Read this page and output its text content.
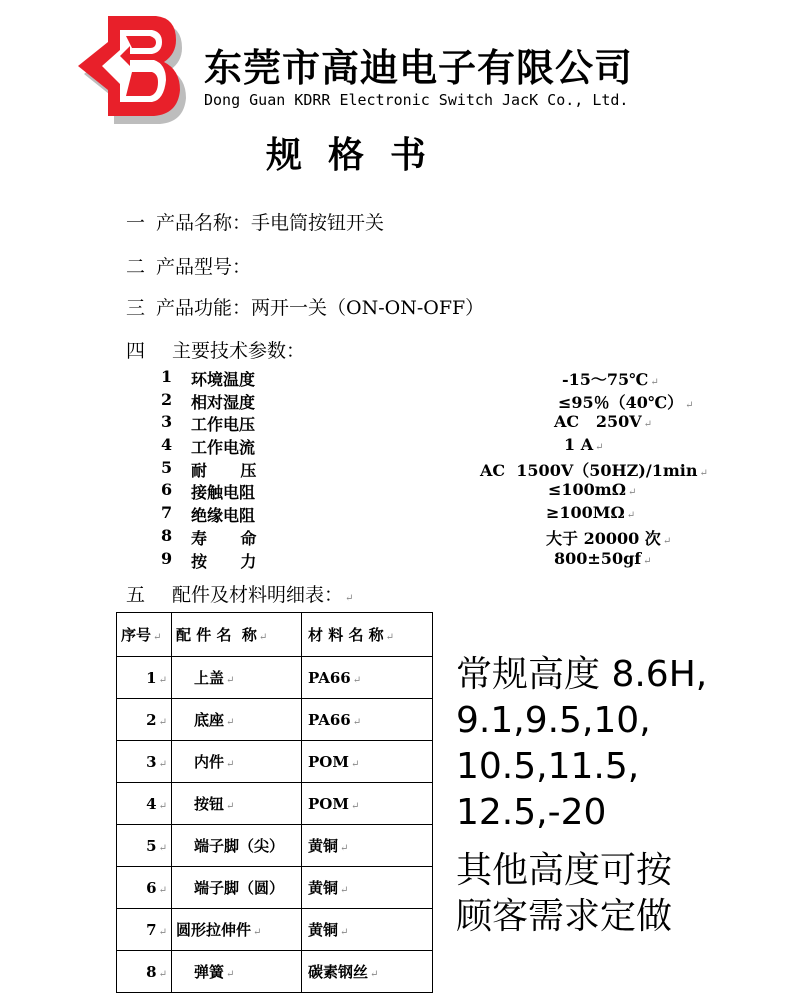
东莞市高迪电子有限公司
Dong Guan KDRR Electronic Switch JacK Co., Ltd.
规格书
一 产品名称：手电筒按钮开关
二 产品型号：
三 产品功能：两开一关（ON-ON-OFF）
四 主要技术参数：
1 环境温度	-15～75℃ ↵
2 相对湿度	≤95％（40℃） ↵
3 工作电压	AC   250V ↵
4 工作电流	1 A ↵
5 耐      压	AC  1500V（50HZ)/1min ↵
6 接触电阻	≤100mΩ ↵
7 绝缘电阻	≥100MΩ ↵
8 寿      命	大于 20000 次 ↵
9 按      力	800±50gf ↵
五 配件及材料明细表： ↵
序号 ↵	配 件 名  称 ↵	材 料 名 称 ↵
1 ↵	上盖 ↵	PA66 ↵
2 ↵	底座 ↵	PA66 ↵
3 ↵	内件 ↵	POM ↵
4 ↵	按钮 ↵	POM ↵
5 ↵	端子脚（尖）	黄铜 ↵
6 ↵	端子脚（圆）	黄铜 ↵
7 ↵	圆形拉伸件 ↵	黄铜 ↵
8 ↵	弹簧 ↵	碳素钢丝 ↵
常规高度 8.6H,
9.1,9.5,10,
10.5,11.5,
12.5,-20
其他高度可按
顾客需求定做
